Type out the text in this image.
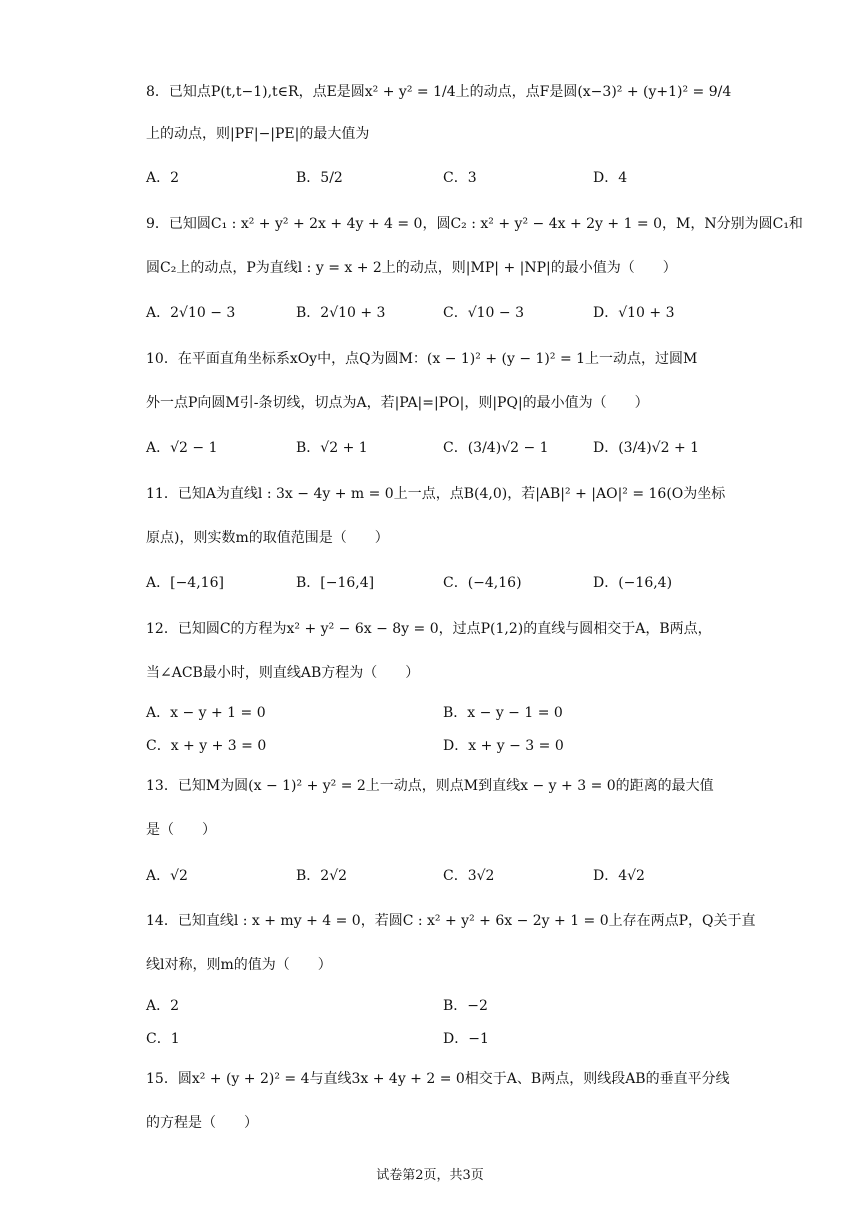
8．已知点P(t,t−1),t∈R，点E是圆x² + y² = 1/4上的动点，点F是圆(x−3)² + (y+1)² = 9/4
上的动点，则|PF|−|PE|的最大值为
A．2	B．5/2	C．3	D．4
9．已知圆C₁ : x² + y² + 2x + 4y + 4 = 0，圆C₂ : x² + y² − 4x + 2y + 1 = 0，M，N分别为圆C₁和
圆C₂上的动点，P为直线l : y = x + 2上的动点，则|MP| + |NP|的最小值为（　　）
A．2√10 − 3	B．2√10 + 3	C．√10 − 3	D．√10 + 3
10．在平面直角坐标系xOy中，点Q为圆M：(x − 1)² + (y − 1)² = 1上一动点，过圆M
外一点P向圆M引-条切线，切点为A，若|PA|=|PO|，则|PQ|的最小值为（　　）
A．√2 − 1	B．√2 + 1	C．(3/4)√2 − 1	D．(3/4)√2 + 1
11．已知A为直线l : 3x − 4y + m = 0上一点，点B(4,0)，若|AB|² + |AO|² = 16(O为坐标
原点)，则实数m的取值范围是（　　）
A．[−4,16]	B．[−16,4]	C．(−4,16)	D．(−16,4)
12．已知圆C的方程为x² + y² − 6x − 8y = 0，过点P(1,2)的直线与圆相交于A，B两点，
当∠ACB最小时，则直线AB方程为（　　）
A．x − y + 1 = 0	B．x − y − 1 = 0
C．x + y + 3 = 0	D．x + y − 3 = 0
13．已知M为圆(x − 1)² + y² = 2上一动点，则点M到直线x − y + 3 = 0的距离的最大值
是（　　）
A．√2	B．2√2	C．3√2	D．4√2
14．已知直线l : x + my + 4 = 0，若圆C : x² + y² + 6x − 2y + 1 = 0上存在两点P，Q关于直
线l对称，则m的值为（　　）
A．2	B．−2
C．1	D．−1
15．圆x² + (y + 2)² = 4与直线3x + 4y + 2 = 0相交于A、B两点，则线段AB的垂直平分线
的方程是（　　）
试卷第2页，共3页
